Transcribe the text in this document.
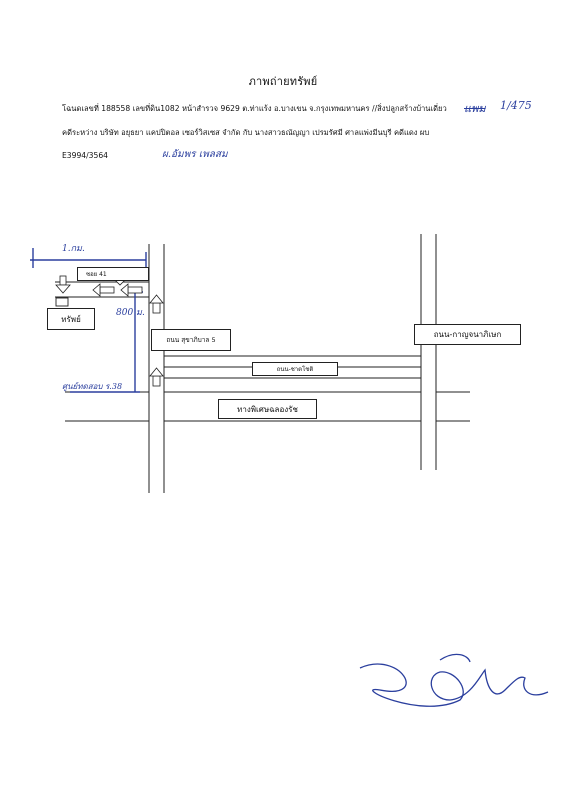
ภาพถ่ายทรัพย์
โฉนดเลขที่ 188558 เลขที่ดิน1082 หน้าสำรวจ 9629 ต.ท่าแร้ง อ.บางเขน จ.กรุงเทพมหานคร //สิ่งปลูกสร้างบ้านเดี่ยว แพม 1/475
คดีระหว่าง บริษัท อยุธยา แคปปิตอล เซอร์วิสเซส จำกัด กับ นางสาวธณัญญา เปรมรัศมี ศาลแพ่งมีนบุรี คดีแดง ผบ
E3994/3564	ผ.อัมพร เพลสม
ทรัพย์
ซอย 41
ถนน สุขาภิบาล 5
ถนน-กาญจนาภิเษก
ถนน-ชาตโชติ
ทางพิเศษฉลองรัช
1.กม.
800 ม.
ศูนย์ทดสอบ ร.38
